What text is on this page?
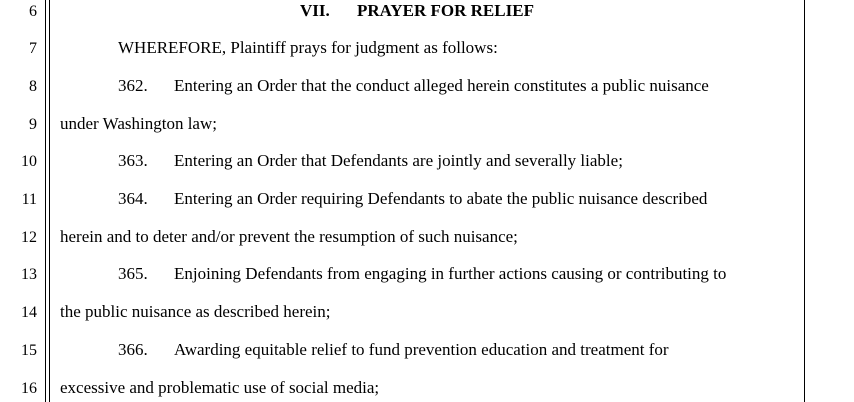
6
7
8
9
10
11
12
13
14
15
16
VII. PRAYER FOR RELIEF
WHEREFORE, Plaintiff prays for judgment as follows:
362. Entering an Order that the conduct alleged herein constitutes a public nuisance
under Washington law;
363. Entering an Order that Defendants are jointly and severally liable;
364. Entering an Order requiring Defendants to abate the public nuisance described
herein and to deter and/or prevent the resumption of such nuisance;
365. Enjoining Defendants from engaging in further actions causing or contributing to
the public nuisance as described herein;
366. Awarding equitable relief to fund prevention education and treatment for
excessive and problematic use of social media;
